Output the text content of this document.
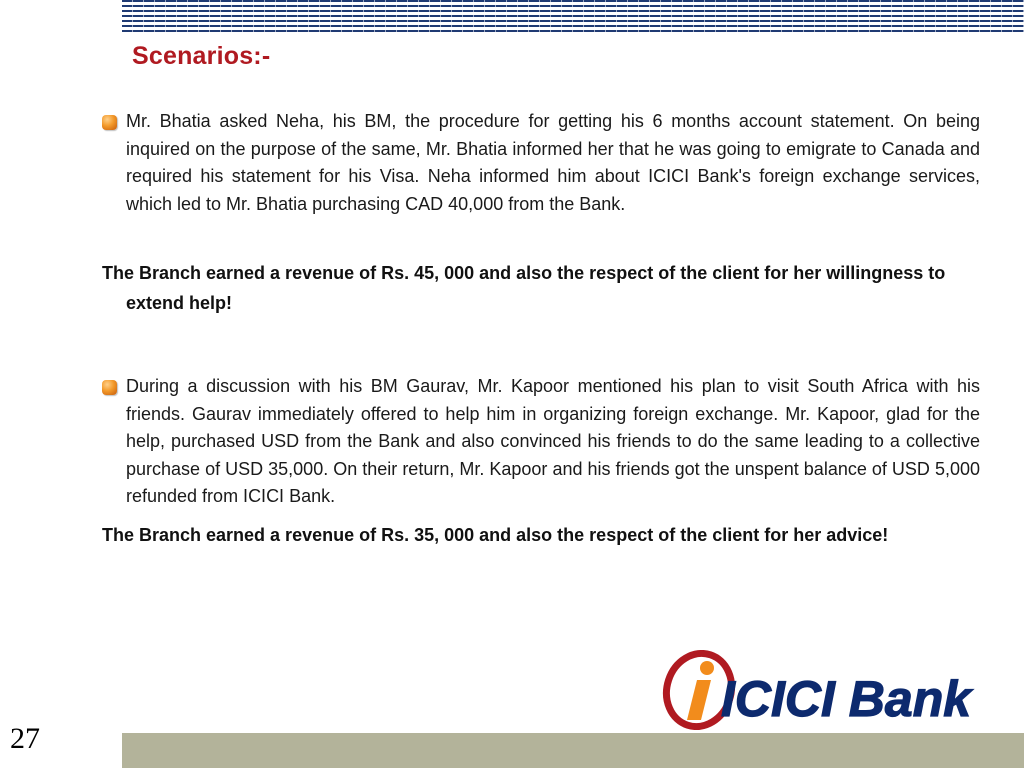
Scenarios:-

Mr. Bhatia asked Neha, his BM, the procedure for getting his 6 months account statement. On being inquired on the purpose of the same, Mr. Bhatia informed her that he was going to emigrate to Canada and required his statement for his Visa. Neha informed him about ICICI Bank's foreign exchange services, which led to Mr. Bhatia purchasing CAD 40,000 from the Bank.

The Branch earned a revenue of Rs. 45, 000 and also the respect of the client for her willingness to extend help!

During a discussion with his BM Gaurav, Mr. Kapoor mentioned his plan to visit South Africa with his friends. Gaurav immediately offered to help him in organizing foreign exchange. Mr. Kapoor, glad for the help, purchased USD from the Bank and also convinced his friends to do the same leading to a collective purchase of USD 35,000. On their return, Mr. Kapoor and his friends got the unspent balance of USD 5,000 refunded from ICICI Bank.

The Branch earned a revenue of Rs. 35, 000 and also the respect of the client for her advice!

ICICI Bank

27
